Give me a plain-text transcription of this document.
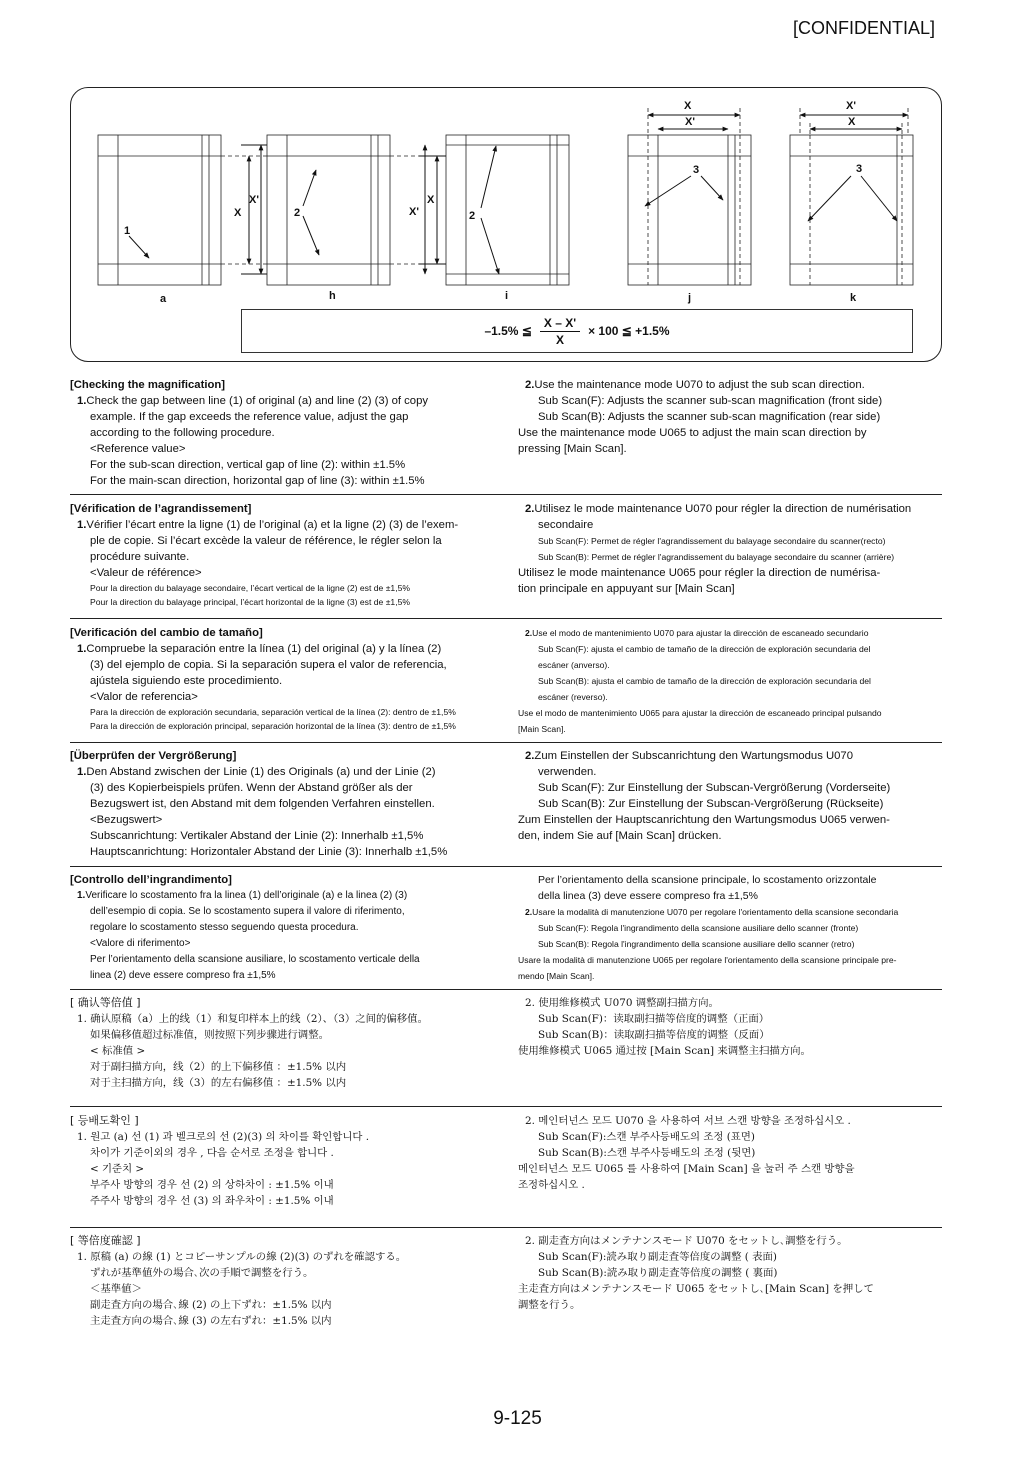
[CONFIDENTIAL]
a	h	i	j	k
1
2	2
3	3
X
X'
X'
X
X
X'
X'
X
–1.5% ≦ $\frac{X - X'}{X} \times 100$ ≦ +1.5%
[Checking the magnification]
1.Check the gap between line (1) of original (a) and line (2) (3) of copy
example. If the gap exceeds the reference value, adjust the gap
according to the following procedure.
<Reference value>
For the sub-scan direction, vertical gap of line (2): within ±1.5%
For the main-scan direction, horizontal gap of line (3): within ±1.5%
2.Use the maintenance mode U070 to adjust the sub scan direction.
Sub Scan(F): Adjusts the scanner sub-scan magnification (front side)
Sub Scan(B): Adjusts the scanner sub-scan magnification (rear side)
Use the maintenance mode U065 to adjust the main scan direction by
pressing [Main Scan].
[Vérification de l’agrandissement]
1.Vérifier l’écart entre la ligne (1) de l’original (a) et la ligne (2) (3) de l’exem-
ple de copie. Si l’écart excède la valeur de référence, le régler selon la
procédure suivante.
<Valeur de référence>
Pour la direction du balayage secondaire, l’écart vertical de la ligne (2) est de ±1,5%
Pour la direction du balayage principal, l’écart horizontal de la ligne (3) est de ±1,5%
2.Utilisez le mode maintenance U070 pour régler la direction de numérisation
secondaire
Sub Scan(F): Permet de régler l'agrandissement du balayage secondaire du scanner(recto)
Sub Scan(B): Permet de régler l'agrandissement du balayage secondaire du scanner (arrière)
Utilisez le mode maintenance U065 pour régler la direction de numérisa-
tion principale en appuyant sur [Main Scan]
[Verificación del cambio de tamaño]
1.Compruebe la separación entre la línea (1) del original (a) y la línea (2)
(3) del ejemplo de copia. Si la separación supera el valor de referencia,
ajústela siguiendo este procedimiento.
<Valor de referencia>
Para la dirección de exploración secundaria, separación vertical de la línea (2): dentro de ±1,5%
Para la dirección de exploración principal, separación horizontal de la línea (3): dentro de ±1,5%
2.Use el modo de mantenimiento U070 para ajustar la dirección de escaneado secundario
Sub Scan(F): ajusta el cambio de tamaño de la dirección de exploración secundaria del
escáner (anverso).
Sub Scan(B): ajusta el cambio de tamaño de la dirección de exploración secundaria del
escáner (reverso).
Use el modo de mantenimiento U065 para ajustar la dirección de escaneado principal pulsando
[Main Scan].
[Überprüfen der Vergrößerung]
1.Den Abstand zwischen der Linie (1) des Originals (a) und der Linie (2)
(3) des Kopierbeispiels prüfen. Wenn der Abstand größer als der
Bezugswert ist, den Abstand mit dem folgenden Verfahren einstellen.
<Bezugswert>
Subscanrichtung: Vertikaler Abstand der Linie (2): Innerhalb ±1,5%
Hauptscanrichtung: Horizontaler Abstand der Linie (3): Innerhalb ±1,5%
2.Zum Einstellen der Subscanrichtung den Wartungsmodus U070
verwenden.
Sub Scan(F): Zur Einstellung der Subscan-Vergrößerung (Vorderseite)
Sub Scan(B): Zur Einstellung der Subscan-Vergrößerung (Rückseite)
Zum Einstellen der Hauptscanrichtung den Wartungsmodus U065 verwen-
den, indem Sie auf [Main Scan] drücken.
[Controllo dell’ingrandimento]
1.Verificare lo scostamento fra la linea (1) dell’originale (a) e la linea (2) (3)
dell’esempio di copia. Se lo scostamento supera il valore di riferimento,
regolare lo scostamento stesso seguendo questa procedura.
<Valore di riferimento>
Per l’orientamento della scansione ausiliare, lo scostamento verticale della
linea (2) deve essere compreso fra ±1,5%
Per l’orientamento della scansione principale, lo scostamento orizzontale
della linea (3) deve essere compreso fra ±1,5%
2.Usare la modalità di manutenzione U070 per regolare l'orientamento della scansione secondaria
Sub Scan(F): Regola l'ingrandimento della scansione ausiliare dello scanner (fronte)
Sub Scan(B): Regola l'ingrandimento della scansione ausiliare dello scanner (retro)
Usare la modalità di manutenzione U065 per regolare l'orientamento della scansione principale pre-
mendo [Main Scan].
[ 确认等倍值 ]
1. 确认原稿（a）上的线（1）和复印样本上的线（2）、（3）之间的偏移值。
如果偏移值超过标准值，则按照下列步骤进行调整。
< 标准值 >
对于副扫描方向，线（2）的上下偏移值 ：±1.5% 以内
对于主扫描方向，线（3）的左右偏移值 ：±1.5% 以内
2. 使用维修模式 U070 调整副扫描方向。
Sub Scan(F)：读取副扫描等倍度的调整（正面）
Sub Scan(B)：读取副扫描等倍度的调整（反面）
使用维修模式 U065 通过按 [Main Scan] 来调整主扫描方向。
[ 등배도확인 ]
1. 원고 (a) 선 (1) 과 벨크로의 선 (2)(3) 의 차이를 확인합니다 .
차이가 기준이외의 경우 , 다음 순서로 조정을 합니다 .
< 기준치 >
부주사 방향의 경우 선 (2) 의 상하차이 : ±1.5% 이내
주주사 방향의 경우 선 (3) 의 좌우차이 : ±1.5% 이내
2. 메인터넌스 모드 U070 을 사용하여 서브 스캔 방향을 조정하십시오 .
Sub Scan(F):스캔 부주사등배도의 조정 (표면)
Sub Scan(B):스캔 부주사등배도의 조정 (뒷면)
메인터넌스 모드 U065 를 사용하여 [Main Scan] 을 눌러 주 스캔 방향을
조정하십시오 .
[ 等倍度確認 ]
1. 原稿 (a) の線 (1) とコピーサンプルの線 (2)(3) のずれを確認する。
ずれが基準値外の場合､次の手順で調整を行う。
＜基準値＞
副走査方向の場合､線 (2) の上下ずれ：±1.5% 以内
主走査方向の場合､線 (3) の左右ずれ：±1.5% 以内
2. 副走査方向はメンテナンスモード U070 をセットし､調整を行う。
Sub Scan(F):読み取り副走査等倍度の調整 ( 表面)
Sub Scan(B):読み取り副走査等倍度の調整 ( 裏面)
主走査方向はメンテナンスモード U065 をセットし､[Main Scan] を押して
調整を行う。
9-125
